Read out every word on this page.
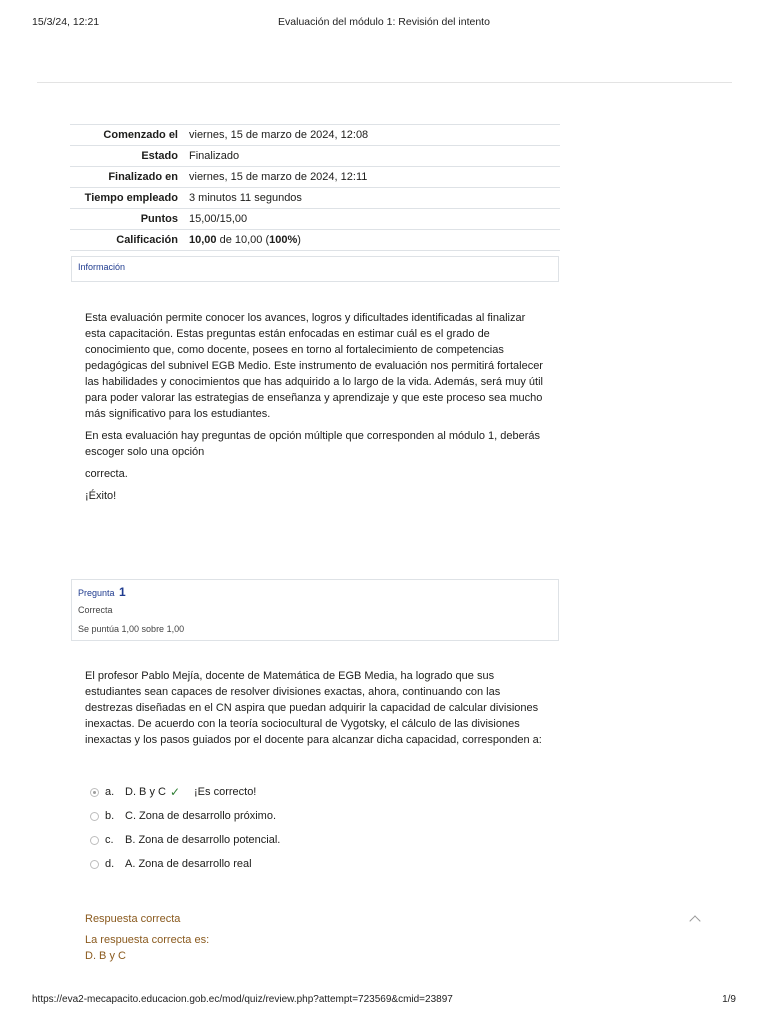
15/3/24, 12:21	Evaluación del módulo 1: Revisión del intento
Comenzado el	viernes, 15 de marzo de 2024, 12:08
Estado	Finalizado
Finalizado en	viernes, 15 de marzo de 2024, 12:11
Tiempo empleado	3 minutos 11 segundos
Puntos	15,00/15,00
Calificación	10,00 de 10,00 (100%)
Información

Esta evaluación permite conocer los avances, logros y dificultades identificadas al finalizar esta capacitación. Estas preguntas están enfocadas en estimar cuál es el grado de conocimiento que, como docente, posees en torno al fortalecimiento de competencias pedagógicas del subnivel EGB Medio. Este instrumento de evaluación nos permitirá fortalecer las habilidades y conocimientos que has adquirido a lo largo de la vida. Además, será muy útil para poder valorar las estrategias de enseñanza y aprendizaje y que este proceso sea mucho más significativo para los estudiantes.

En esta evaluación hay preguntas de opción múltiple que corresponden al módulo 1, deberás escoger solo una opción

correcta.

¡Éxito!

Pregunta 1
Correcta
Se puntúa 1,00 sobre 1,00
El profesor Pablo Mejía, docente de Matemática de EGB Media, ha logrado que sus estudiantes sean capaces de resolver divisiones exactas, ahora, continuando con las destrezas diseñadas en el CN aspira que puedan adquirir la capacidad de calcular divisiones inexactas. De acuerdo con la teoría sociocultural de Vygotsky, el cálculo de las divisiones inexactas y los pasos guiados por el docente para alcanzar dicha capacidad, corresponden a:
a. D. B y C ✓ ¡Es correcto!
b. C. Zona de desarrollo próximo.
c.	B. Zona de desarrollo potencial.
d. A. Zona de desarrollo real
Respuesta correcta
La respuesta correcta es:
D. B y C
https://eva2-mecapacito.educacion.gob.ec/mod/quiz/review.php?attempt=723569&cmid=23897	1/9
